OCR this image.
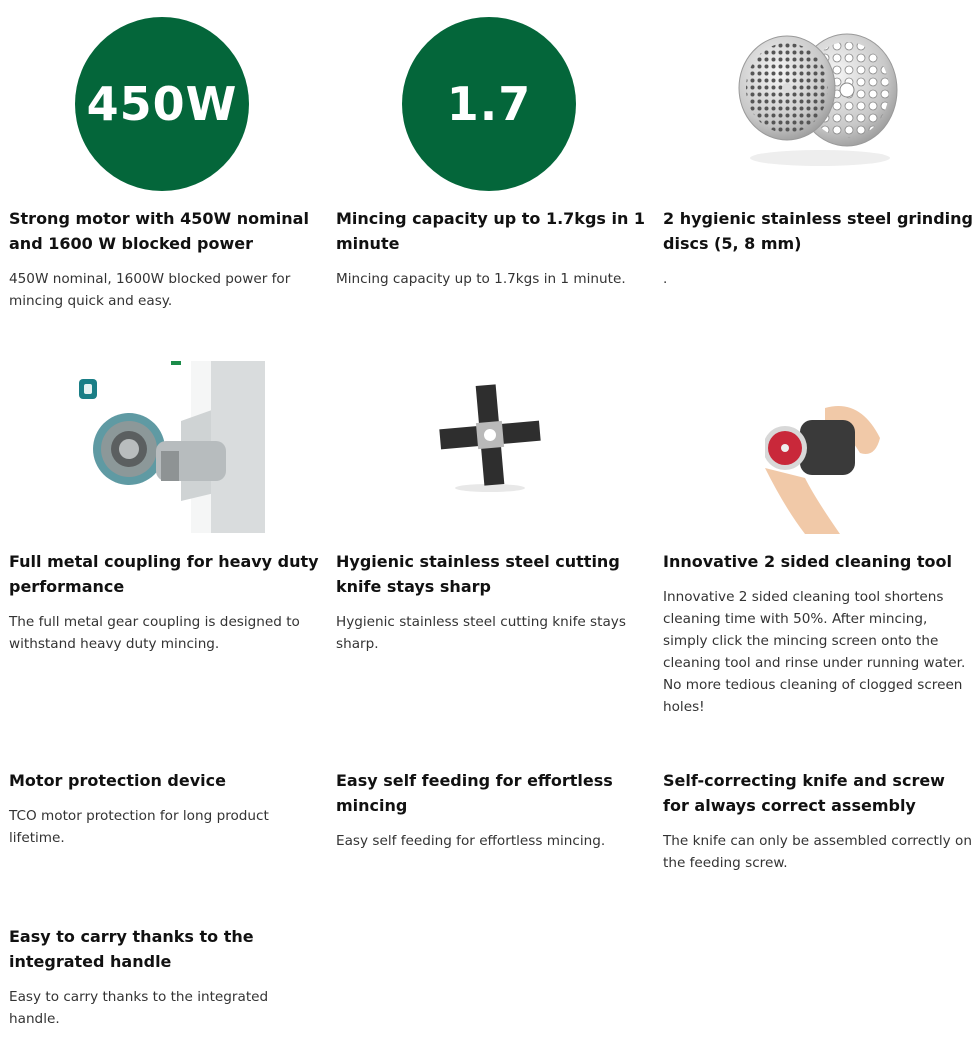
450W	1.7
Strong motor with 450W nominal and 1600 W blocked power

450W nominal, 1600W blocked power for mincing quick and easy.

Mincing capacity up to 1.7kgs in 1 minute

Mincing capacity up to 1.7kgs in 1 minute.

2 hygienic stainless steel grinding discs (5, 8 mm)

.

Full metal coupling for heavy duty performance

The full metal gear coupling is designed to withstand heavy duty mincing.

Hygienic stainless steel cutting knife stays sharp

Hygienic stainless steel cutting knife stays sharp.

Innovative 2 sided cleaning tool

Innovative 2 sided cleaning tool shortens cleaning time with 50%. After mincing, simply click the mincing screen onto the cleaning tool and rinse under running water. No more tedious cleaning of clogged screen holes!

Motor protection device

TCO motor protection for long product lifetime.

Easy self feeding for effortless mincing

Easy self feeding for effortless mincing.

Self-correcting knife and screw for always correct assembly

The knife can only be assembled correctly on the feeding screw.

Easy to carry thanks to the integrated handle

Easy to carry thanks to the integrated handle.
